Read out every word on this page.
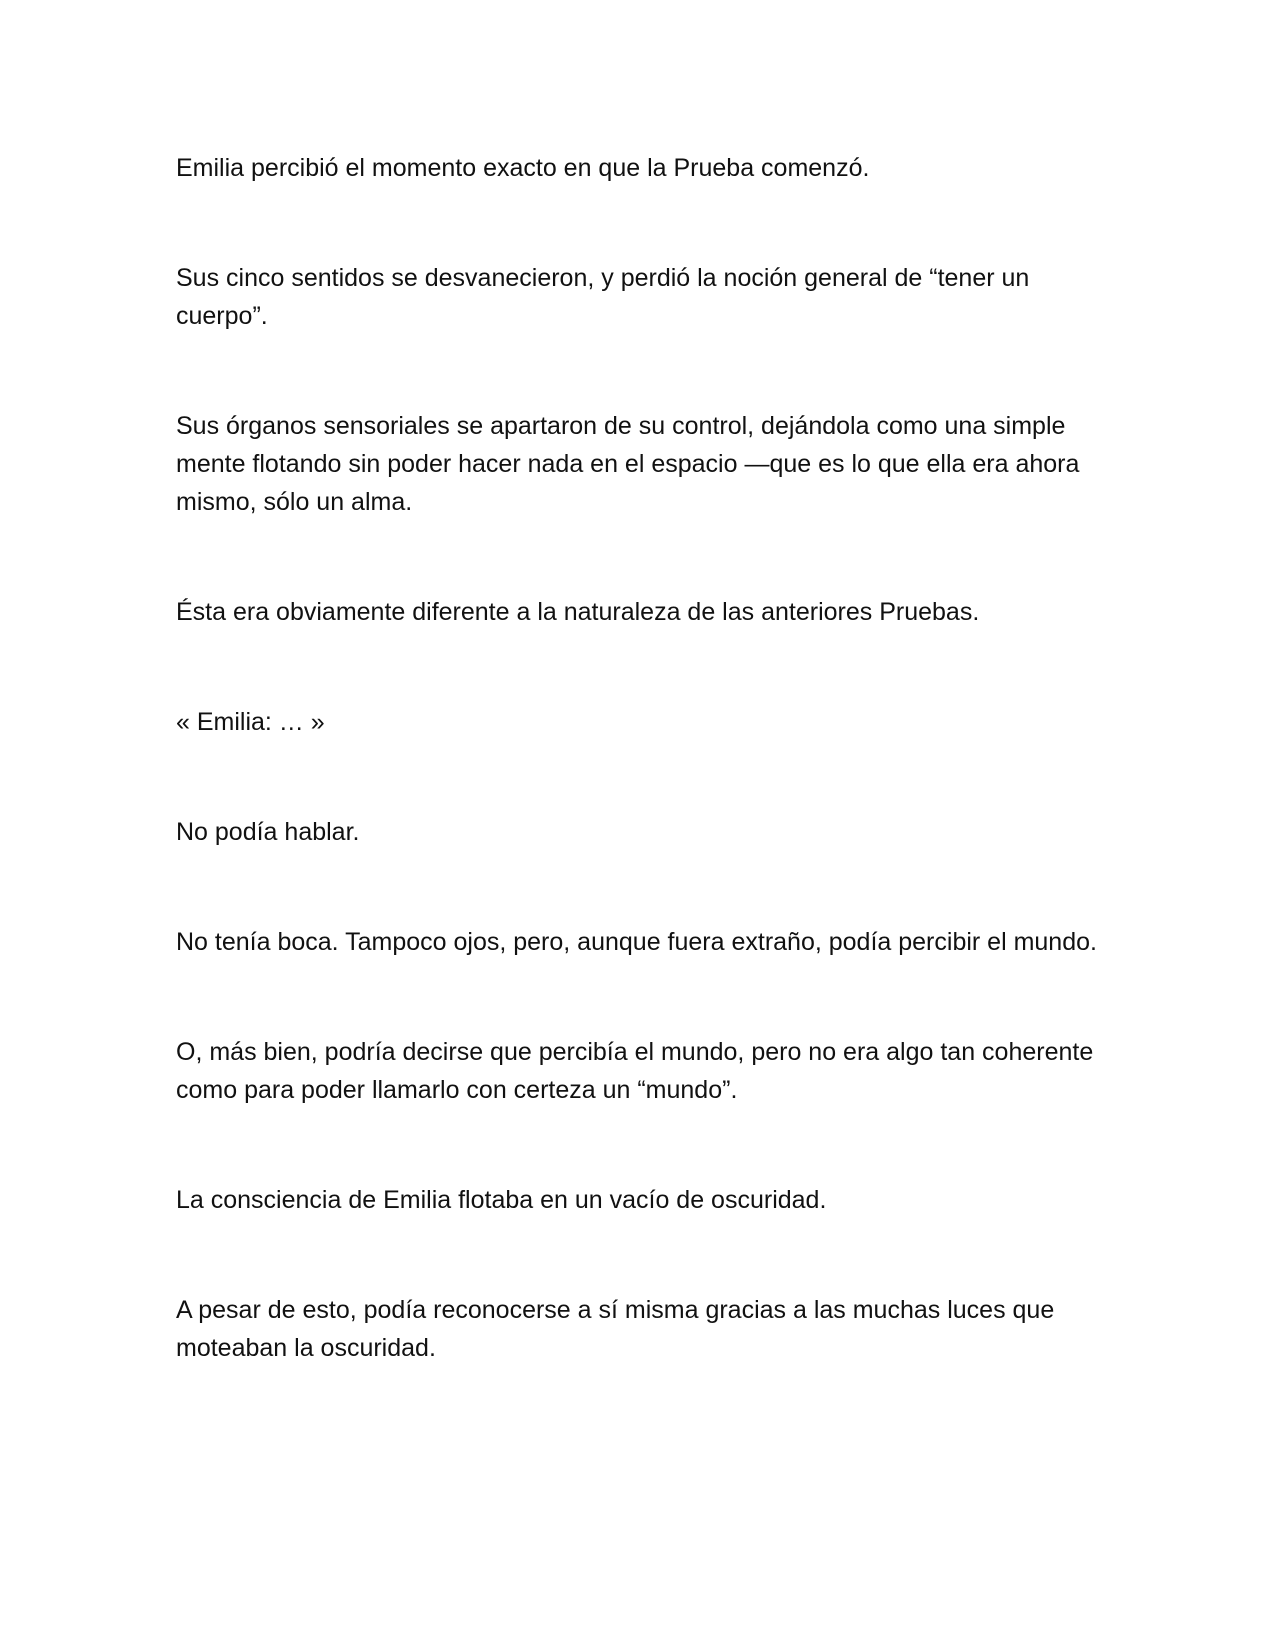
Emilia percibió el momento exacto en que la Prueba comenzó.

Sus cinco sentidos se desvanecieron, y perdió la noción general de “tener un cuerpo”.

Sus órganos sensoriales se apartaron de su control, dejándola como una simple mente flotando sin poder hacer nada en el espacio —que es lo que ella era ahora mismo, sólo un alma.

Ésta era obviamente diferente a la naturaleza de las anteriores Pruebas.

« Emilia: … »

No podía hablar.

No tenía boca. Tampoco ojos, pero, aunque fuera extraño, podía percibir el mundo.

O, más bien, podría decirse que percibía el mundo, pero no era algo tan coherente como para poder llamarlo con certeza un “mundo”.

La consciencia de Emilia flotaba en un vacío de oscuridad.

A pesar de esto, podía reconocerse a sí misma gracias a las muchas luces que moteaban la oscuridad.
